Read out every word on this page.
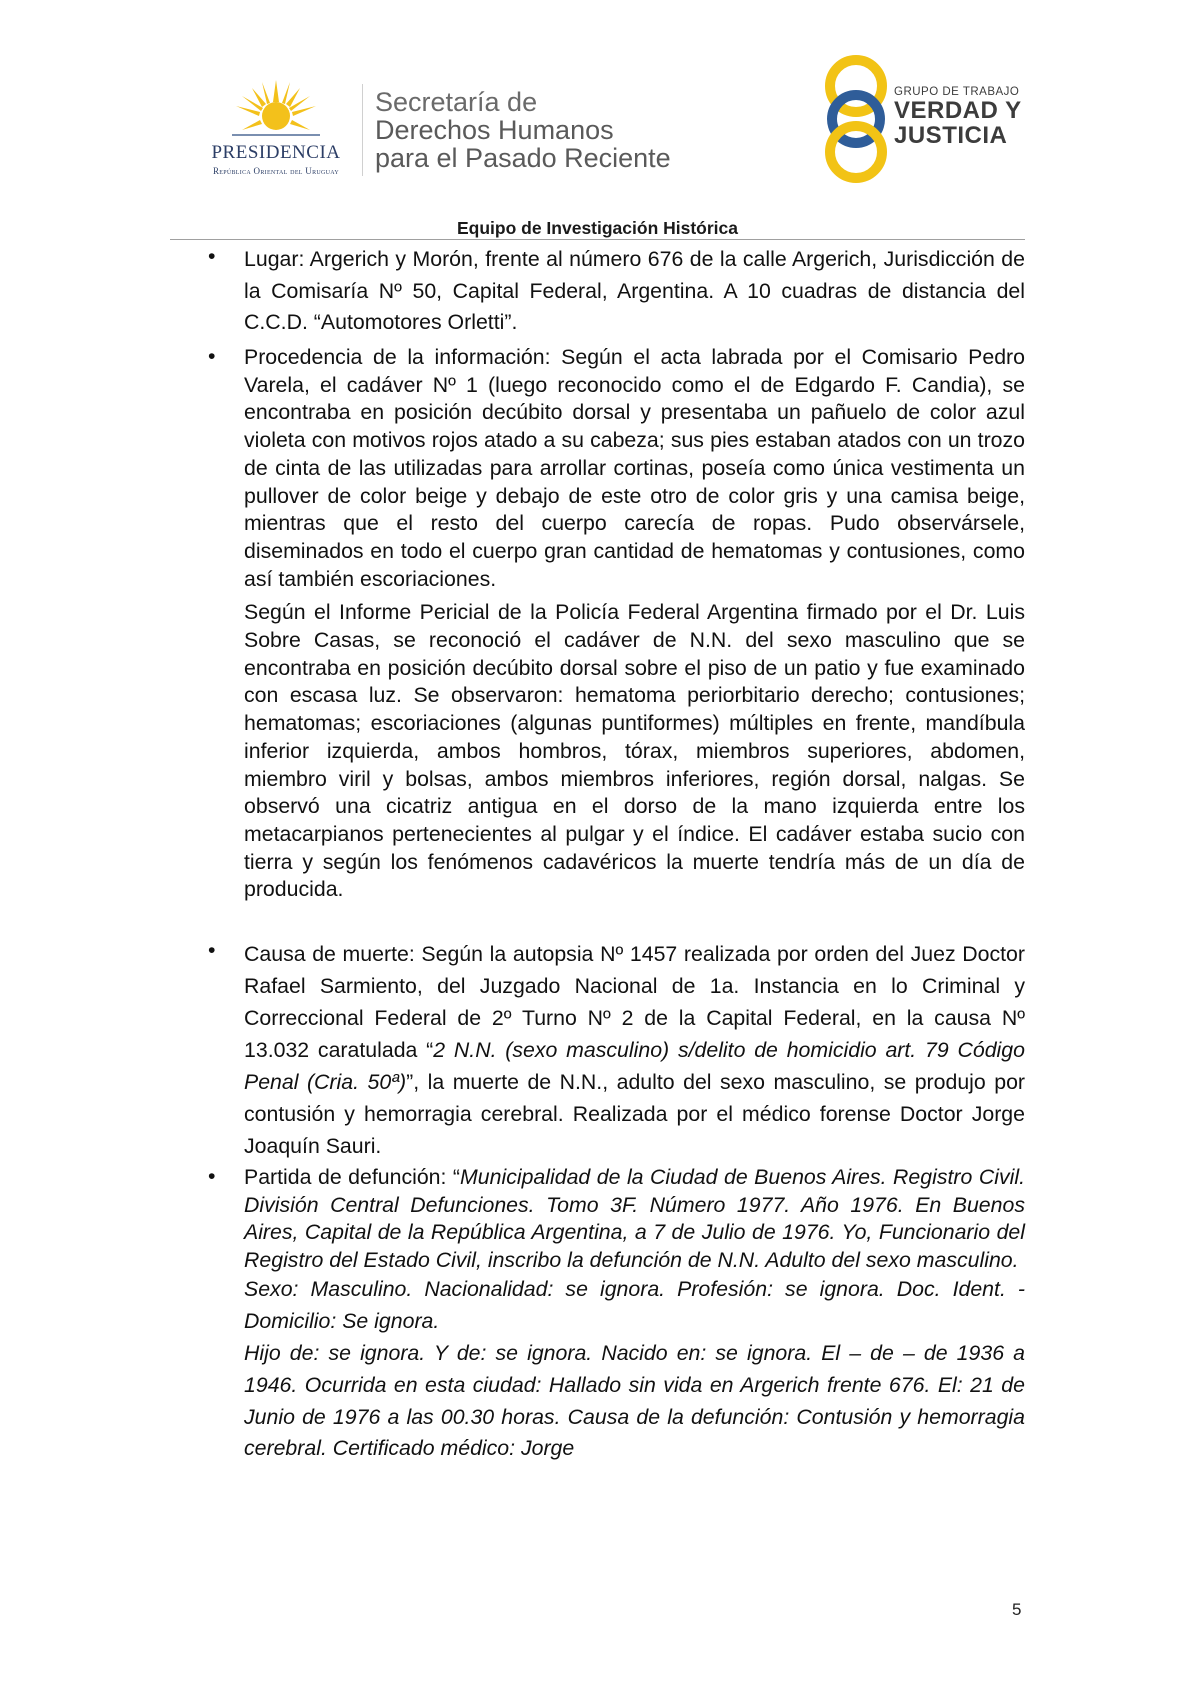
PRESIDENCIA
República Oriental del Uruguay
Secretaría de
Derechos Humanos
para el Pasado Reciente
GRUPO DE TRABAJO
VERDAD Y
JUSTICIA
Equipo de Investigación Histórica
• Lugar: Argerich y Morón, frente al número 676 de la calle Argerich, Jurisdicción de la Comisaría Nº 50, Capital Federal, Argentina. A 10 cuadras de distancia del C.C.D. “Automotores Orletti”.

• Procedencia de la información: Según el acta labrada por el Comisario Pedro Varela, el cadáver Nº 1 (luego reconocido como el de Edgardo F. Candia), se encontraba en posición decúbito dorsal y presentaba un pañuelo de color azul violeta con motivos rojos atado a su cabeza; sus pies estaban atados con un trozo de cinta de las utilizadas para arrollar cortinas, poseía como única vestimenta un pullover de color beige y debajo de este otro de color gris y una camisa beige, mientras que el resto del cuerpo carecía de ropas. Pudo observársele, diseminados en todo el cuerpo gran cantidad de hematomas y contusiones, como así también escoriaciones.

Según el Informe Pericial de la Policía Federal Argentina firmado por el Dr. Luis Sobre Casas, se reconoció el cadáver de N.N. del sexo masculino que se encontraba en posición decúbito dorsal sobre el piso de un patio y fue examinado con escasa luz. Se observaron: hematoma periorbitario derecho; contusiones; hematomas; escoriaciones (algunas puntiformes) múltiples en frente, mandíbula inferior izquierda, ambos hombros, tórax, miembros superiores, abdomen, miembro viril y bolsas, ambos miembros inferiores, región dorsal, nalgas. Se observó una cicatriz antigua en el dorso de la mano izquierda entre los metacarpianos pertenecientes al pulgar y el índice. El cadáver estaba sucio con tierra y según los fenómenos cadavéricos la muerte tendría más de un día de producida.

• Causa de muerte: Según la autopsia Nº 1457 realizada por orden del Juez Doctor Rafael Sarmiento, del Juzgado Nacional de 1a. Instancia en lo Criminal y Correccional Federal de 2º Turno Nº 2 de la Capital Federal, en la causa Nº 13.032 caratulada “2 N.N. (sexo masculino) s/delito de homicidio art. 79 Código Penal (Cria. 50ª)”, la muerte de N.N., adulto del sexo masculino, se produjo por contusión y hemorragia cerebral. Realizada por el médico forense Doctor Jorge Joaquín Sauri.

• Partida de defunción: “Municipalidad de la Ciudad de Buenos Aires. Registro Civil. División Central Defunciones. Tomo 3F. Número 1977. Año 1976. En Buenos Aires, Capital de la República Argentina, a 7 de Julio de 1976. Yo, Funcionario del Registro del Estado Civil, inscribo la defunción de N.N. Adulto del sexo masculino.

Sexo: Masculino. Nacionalidad: se ignora. Profesión: se ignora. Doc. Ident. - Domicilio: Se ignora.

Hijo de: se ignora. Y de: se ignora. Nacido en: se ignora. El – de – de 1936 a 1946. Ocurrida en esta ciudad: Hallado sin vida en Argerich frente 676. El: 21 de Junio de 1976 a las 00.30 horas. Causa de la defunción: Contusión y hemorragia cerebral. Certificado médico: Jorge

5
